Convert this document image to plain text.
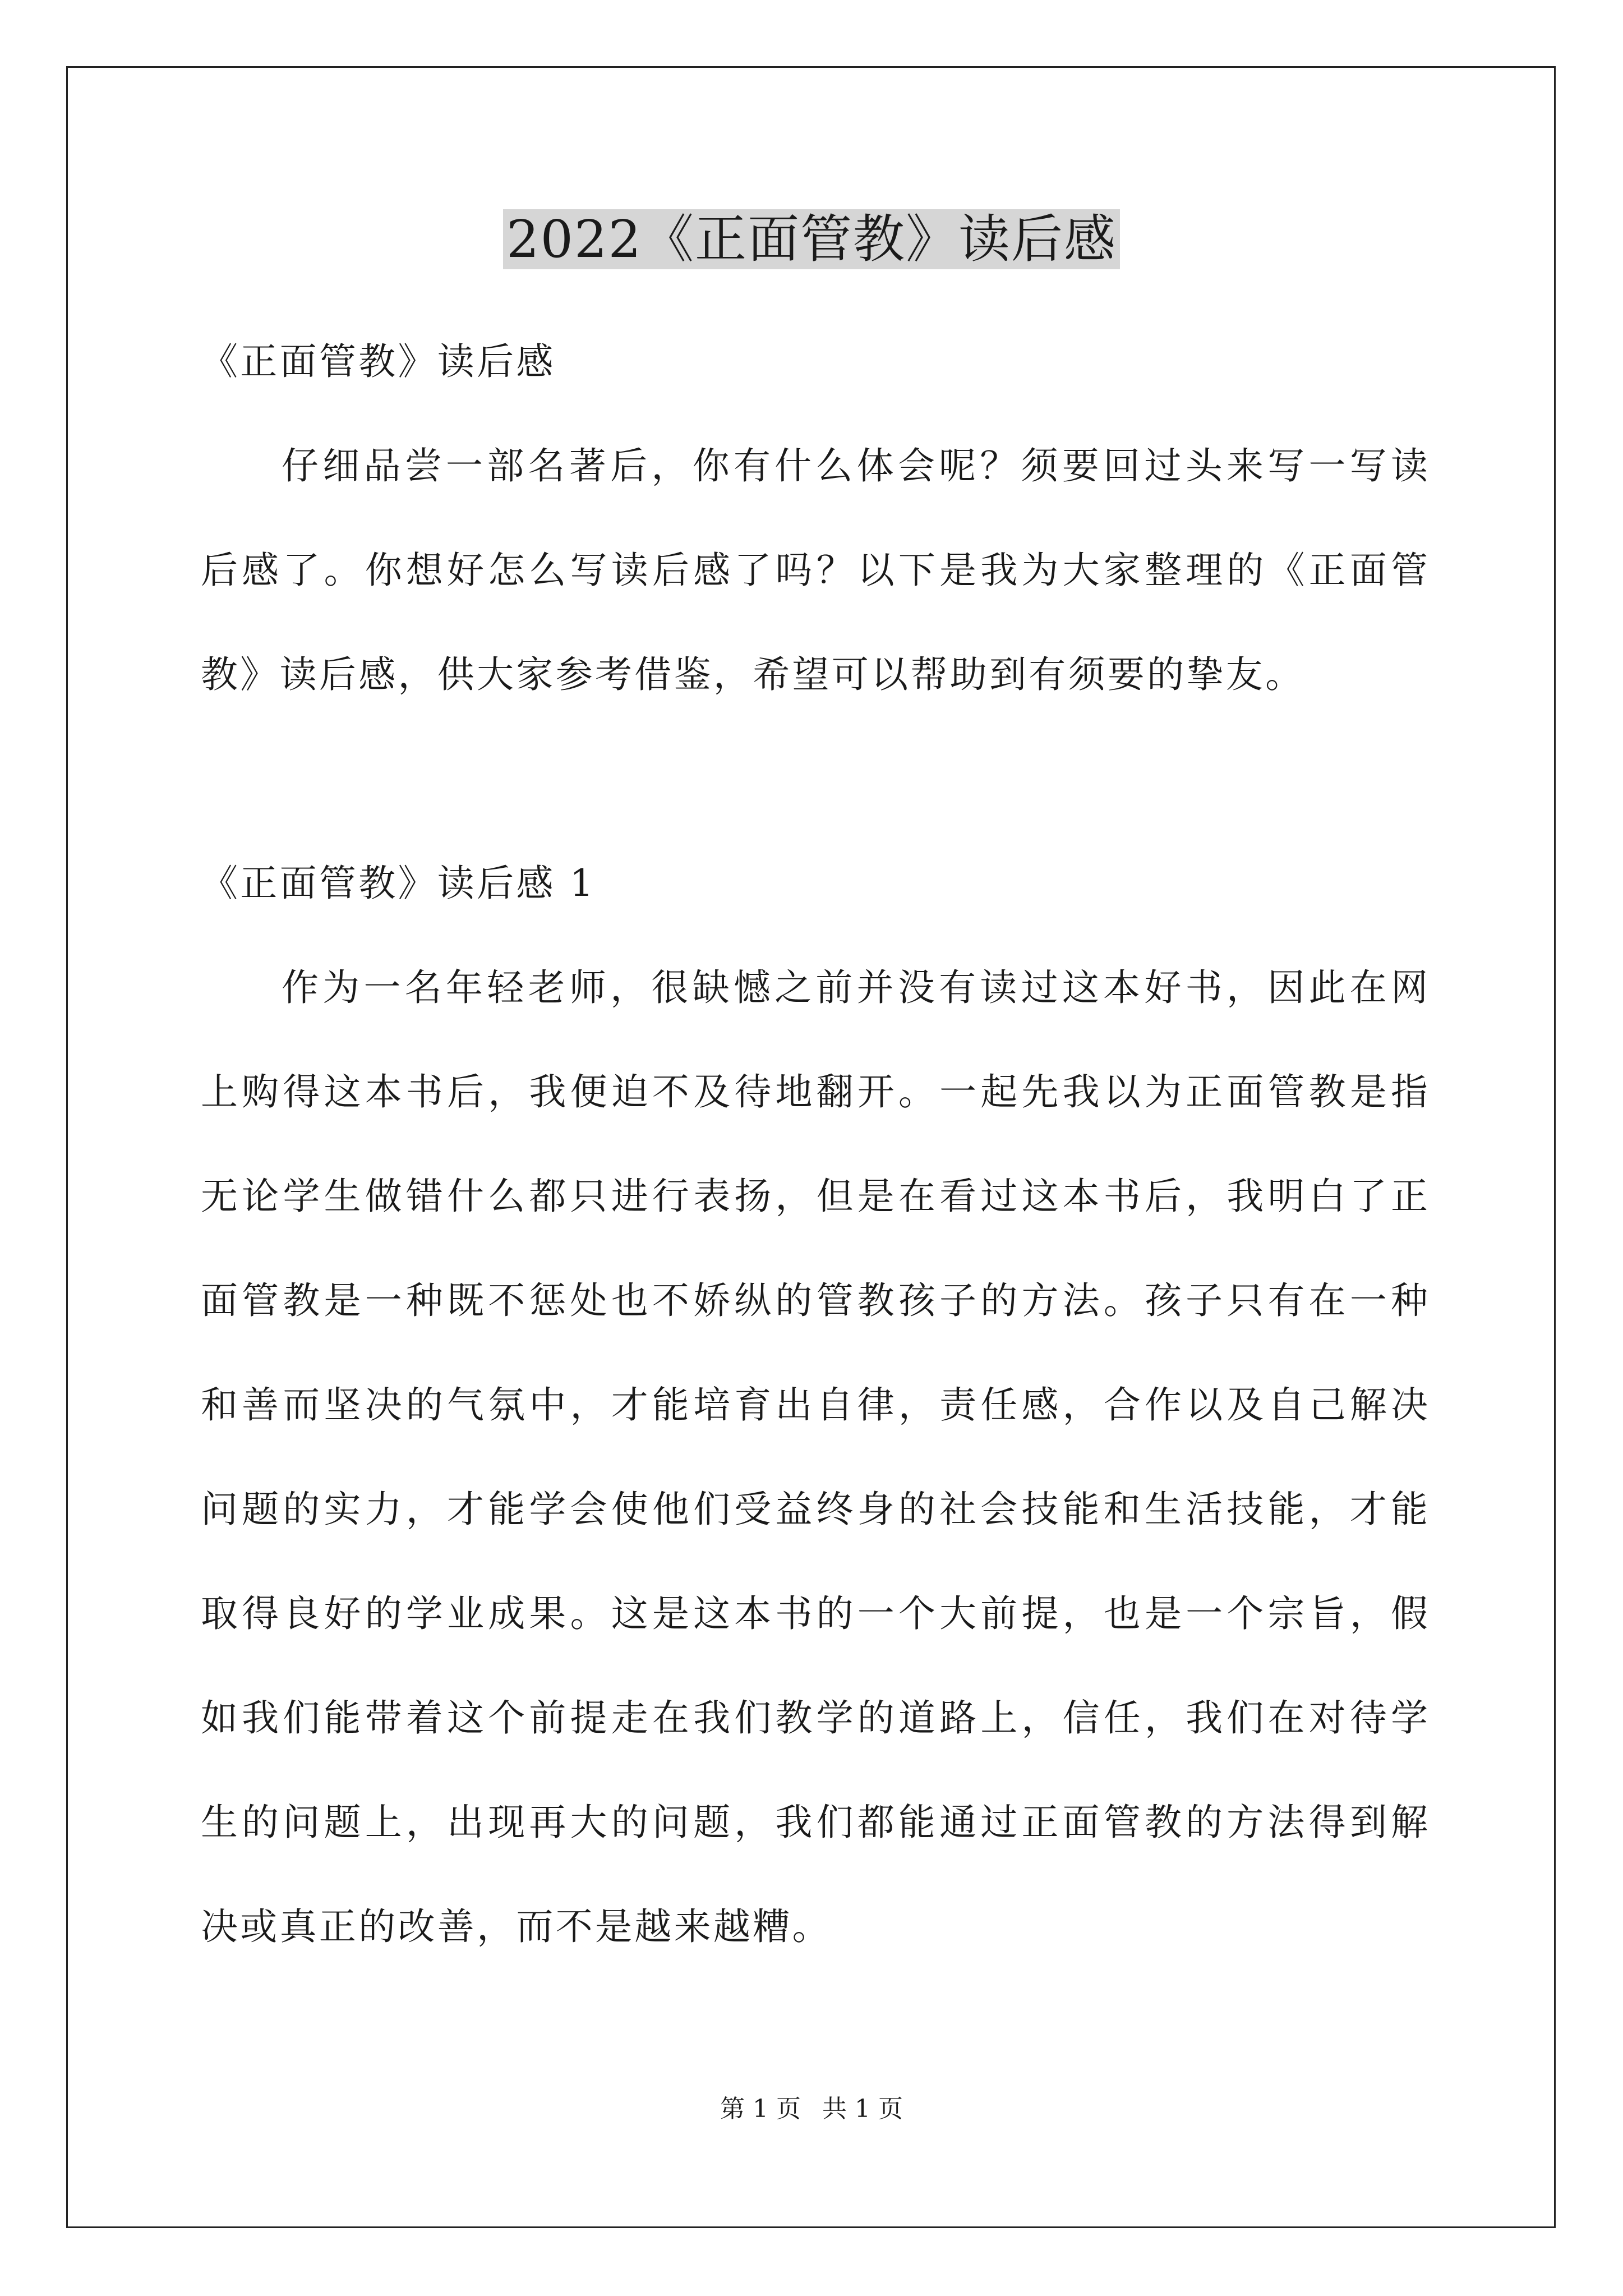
2022《正面管教》读后感
《正面管教》读后感
仔细品尝一部名著后，你有什么体会呢？须要回过头来写一写读
后感了。你想好怎么写读后感了吗？以下是我为大家整理的《正面管
教》读后感，供大家参考借鉴，希望可以帮助到有须要的挚友。
《正面管教》读后感 1
作为一名年轻老师，很缺憾之前并没有读过这本好书，因此在网
上购得这本书后，我便迫不及待地翻开。一起先我以为正面管教是指
无论学生做错什么都只进行表扬，但是在看过这本书后，我明白了正
面管教是一种既不惩处也不娇纵的管教孩子的方法。孩子只有在一种
和善而坚决的气氛中，才能培育出自律，责任感，合作以及自己解决
问题的实力，才能学会使他们受益终身的社会技能和生活技能，才能
取得良好的学业成果。这是这本书的一个大前提，也是一个宗旨，假
如我们能带着这个前提走在我们教学的道路上，信任，我们在对待学
生的问题上，出现再大的问题，我们都能通过正面管教的方法得到解
决或真正的改善，而不是越来越糟。
第 1 页 共 1 页
